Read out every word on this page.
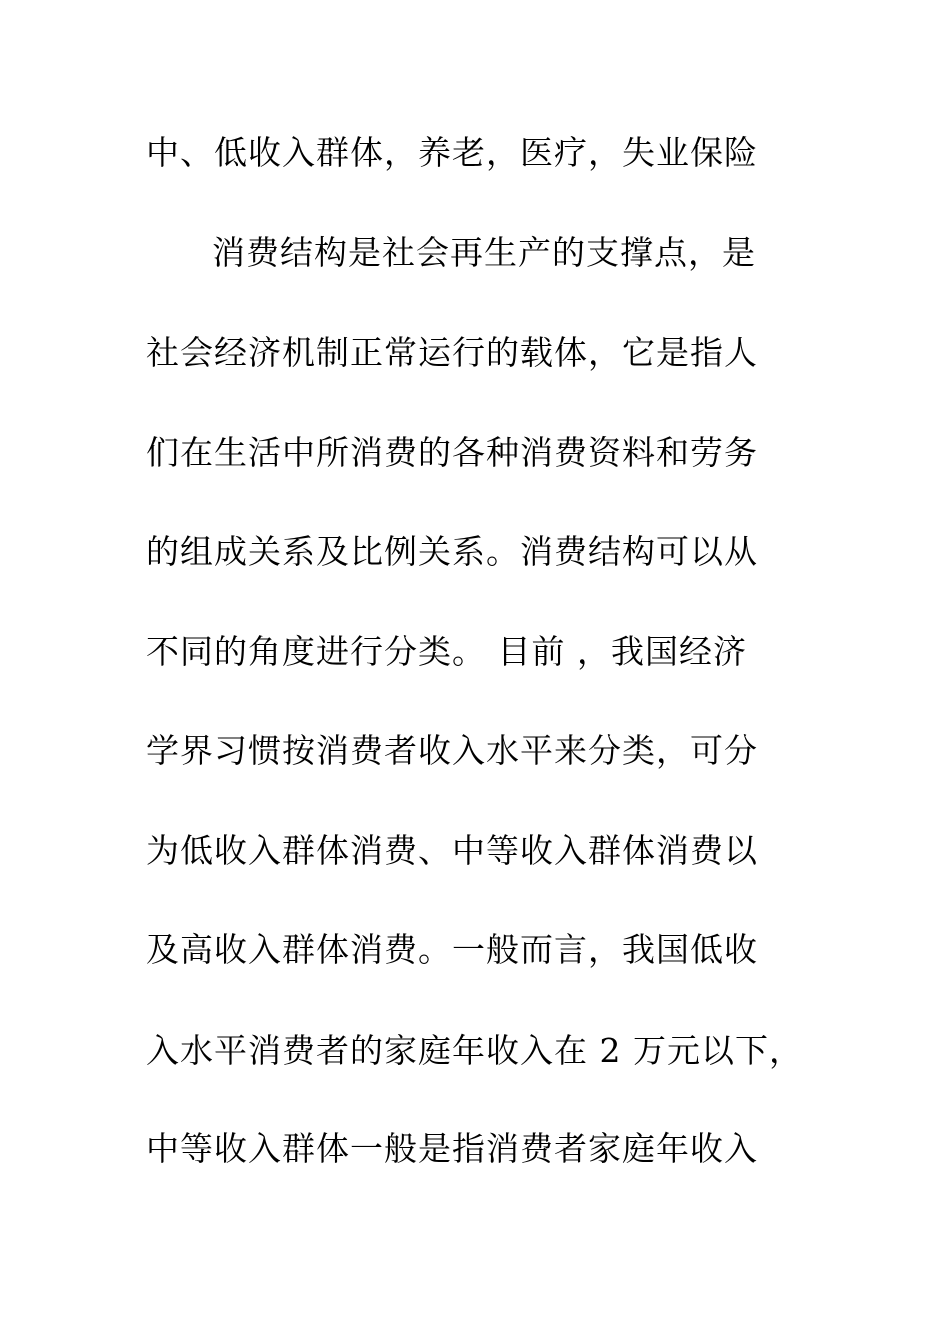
中、低收入群体，养老，医疗，失业保险
消费结构是社会再生产的支撑点，是
社会经济机制正常运行的载体，它是指人
们在生活中所消费的各种消费资料和劳务
的组成关系及比例关系。消费结构可以从
不同的角度进行分类。 目前 ，我国经济
学界习惯按消费者收入水平来分类，可分
为低收入群体消费、中等收入群体消费以
及高收入群体消费。一般而言，我国低收
入水平消费者的家庭年收入在 2 万元以下，
中等收入群体一般是指消费者家庭年收入
